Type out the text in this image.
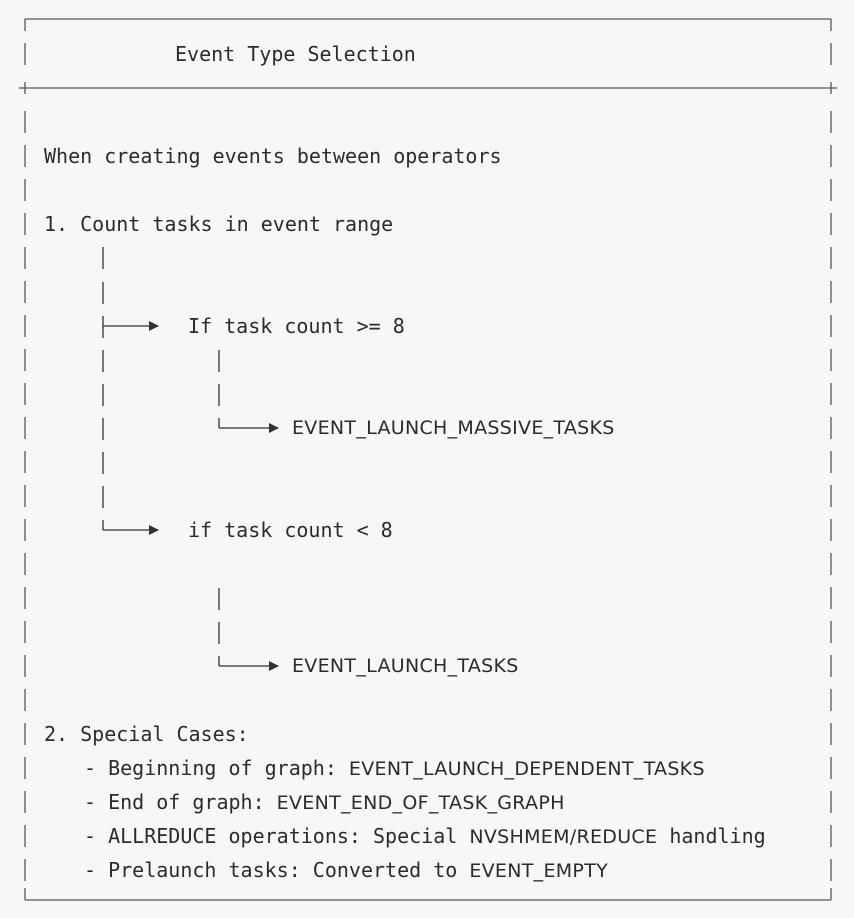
Event Type Selection
When creating events between operators
1. Count tasks in event range
If task count >= 8
EVENT_LAUNCH_MASSIVE_TASKS
if task count < 8
EVENT_LAUNCH_TASKS
2. Special Cases:
- Beginning of graph: EVENT_LAUNCH_DEPENDENT_TASKS
- End of graph: EVENT_END_OF_TASK_GRAPH
- ALLREDUCE operations: Special NVSHMEM/REDUCE handling
- Prelaunch tasks: Converted to EVENT_EMPTY
